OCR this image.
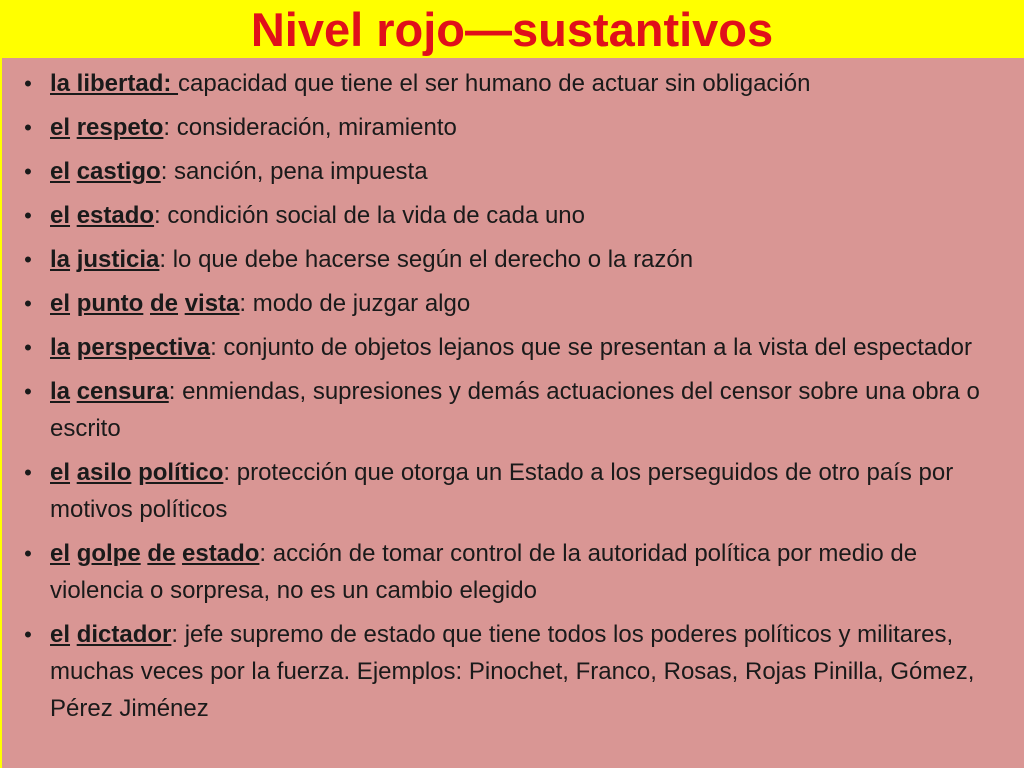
Nivel rojo—sustantivos
• la libertad: capacidad que tiene el ser humano de actuar sin obligación
• el respeto: consideración, miramiento
• el castigo: sanción, pena impuesta
• el estado: condición social de la vida de cada uno
• la justicia: lo que debe hacerse según el derecho o la razón
• el punto de vista: modo de juzgar algo
• la perspectiva: conjunto de objetos lejanos que se presentan a la vista del espectador
• la censura: enmiendas, supresiones y demás actuaciones del censor sobre una obra o escrito
• el asilo político: protección que otorga un Estado a los perseguidos de otro país por motivos políticos
• el golpe de estado: acción de tomar control de la autoridad política por medio de violencia o sorpresa, no es un cambio elegido
• el dictador: jefe supremo de estado que tiene todos los poderes políticos y militares, muchas veces por la fuerza. Ejemplos: Pinochet, Franco, Rosas, Rojas Pinilla, Gómez, Pérez Jiménez
